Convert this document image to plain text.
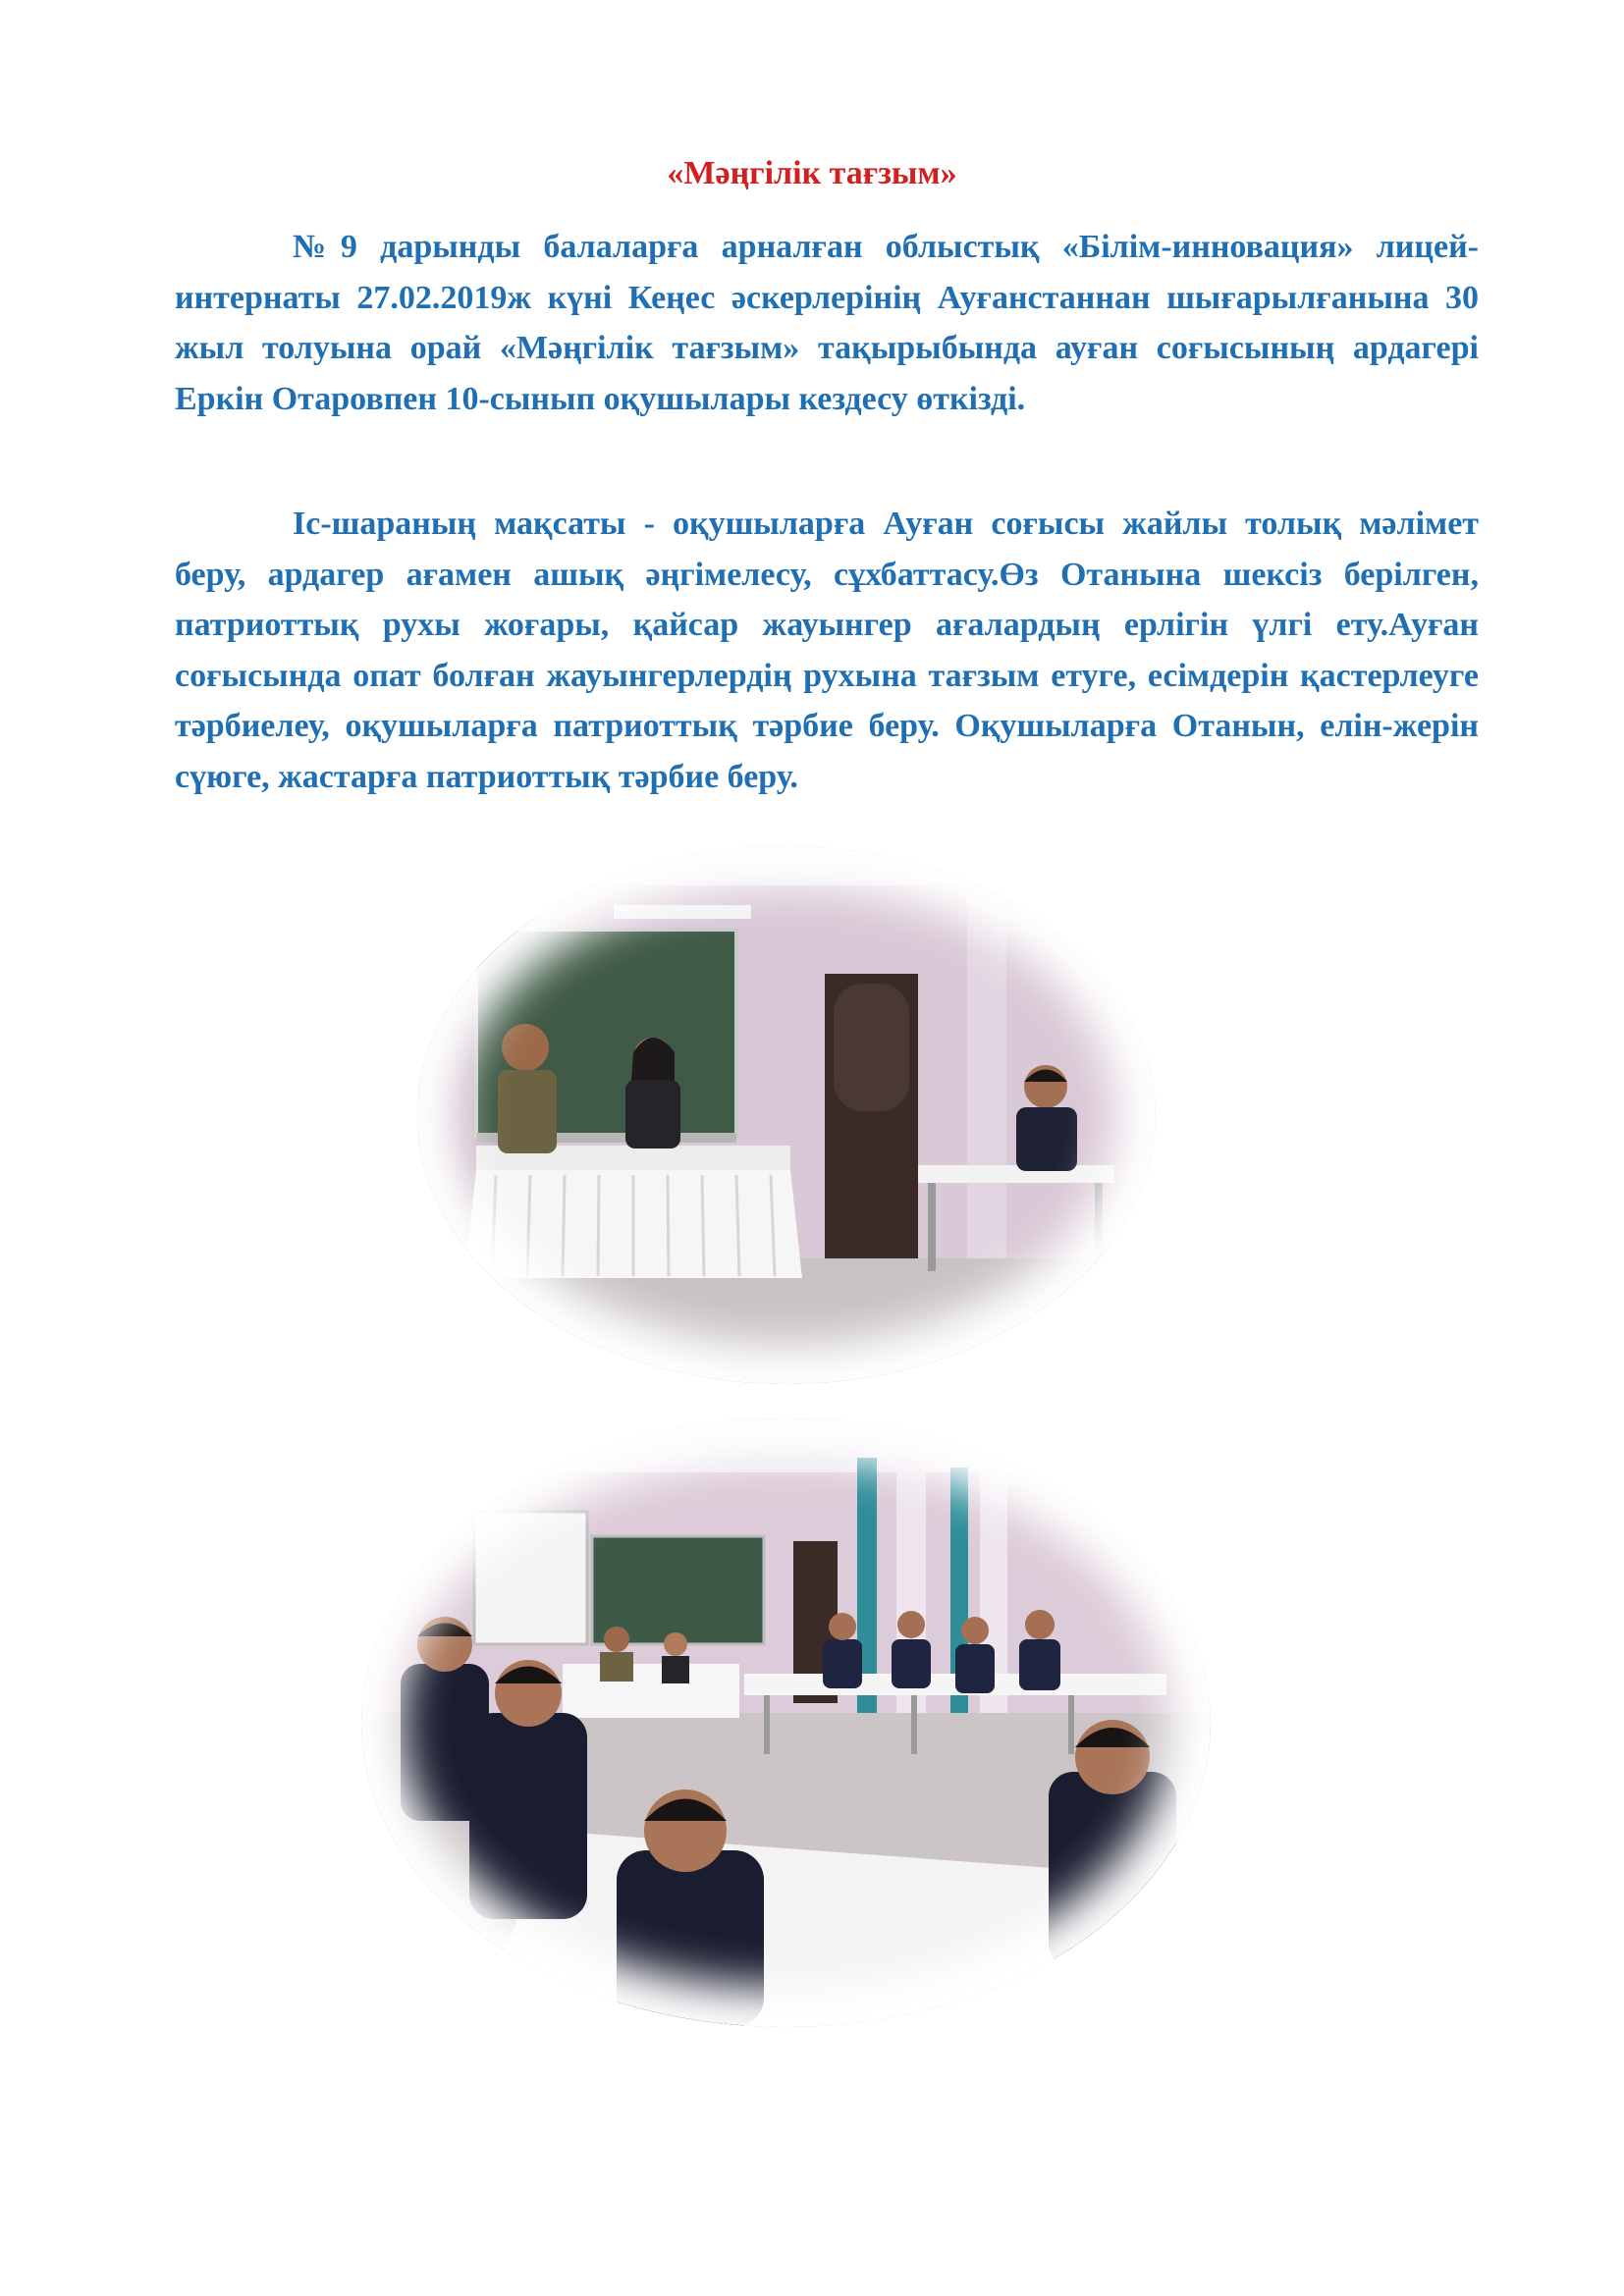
«Мәңгілік тағзым»

№9 дарынды балаларға арналған облыстық «Білім-инновация» лицей-интернаты 27.02.2019ж күні Кеңес әскерлерінің Ауғанстаннан шығарылғанына 30 жыл толуына орай «Мәңгілік тағзым» тақырыбында ауған соғысының ардагері Еркін Отаровпен 10-сынып оқушылары кездесу өткізді.

Іс-шараның мақсаты - оқушыларға Ауған соғысы жайлы толық мәлімет беру, ардагер ағамен ашық әңгімелесу, сұхбаттасу.Өз Отанына шексіз берілген, патриоттық рухы жоғары, қайсар жауынгер ағалардың ерлігін үлгі ету.Ауған соғысында опат болған жауынгерлердің рухына тағзым етуге, есімдерін қастерлеуге тәрбиелеу, оқушыларға патриоттық тәрбие беру. Оқушыларға Отанын, елін-жерін сүюге, жастарға патриоттық тәрбие беру.
